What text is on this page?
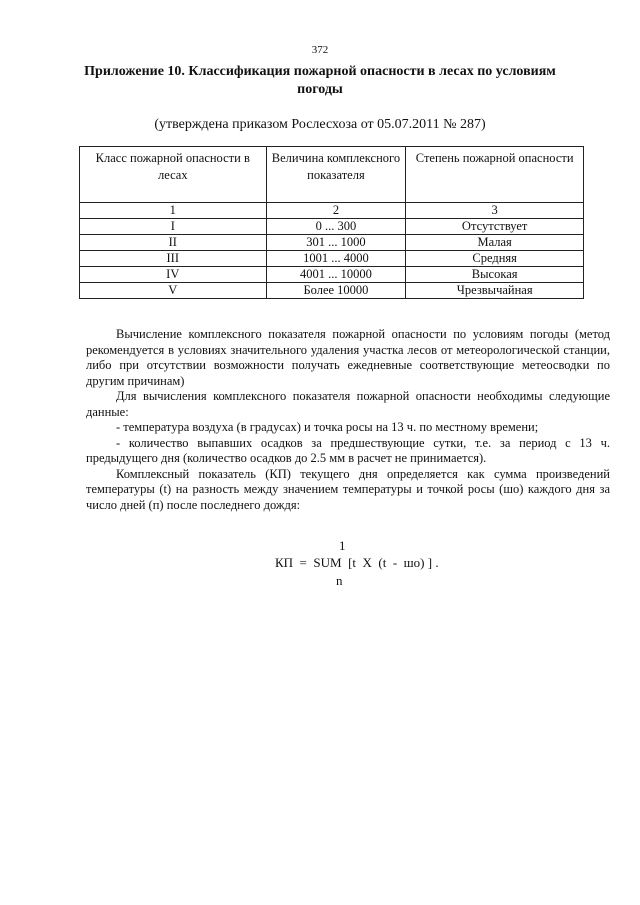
372
Приложение 10. Классификация пожарной опасности в лесах по условиям погоды
(утверждена приказом Рослесхоза от 05.07.2011 № 287)
Класс пожарной опасности в лесах	Величина комплексного показателя	Степень пожарной опасности
1	2	3
I	0 ... 300	Отсутствует
II	301 ... 1000	Малая
III	1001 ... 4000	Средняя
IV	4001 ... 10000	Высокая
V	Более 10000	Чрезвычайная

Вычисление комплексного показателя пожарной опасности по условиям погоды (метод рекомендуется в условиях значительного удаления участка лесов от метеорологической станции, либо при отсутствии возможности получать ежедневные соответствующие метеосводки по другим причинам)

Для вычисления комплексного показателя пожарной опасности необходимы следующие данные:

- температура воздуха (в градусах) и точка росы на 13 ч. по местному времени;

- количество выпавших осадков за предшествующие сутки, т.е. за период с 13 ч. предыдущего дня (количество осадков до 2.5 мм в расчет не принимается).

Комплексный показатель (КП) текущего дня определяется как сумма произведений температуры (t) на разность между значением температуры и точкой росы (шо) каждого дня за число дней (п) после последнего дождя:

1
КП  =  SUM  [t  X  (t  -  шо) ] .
n
